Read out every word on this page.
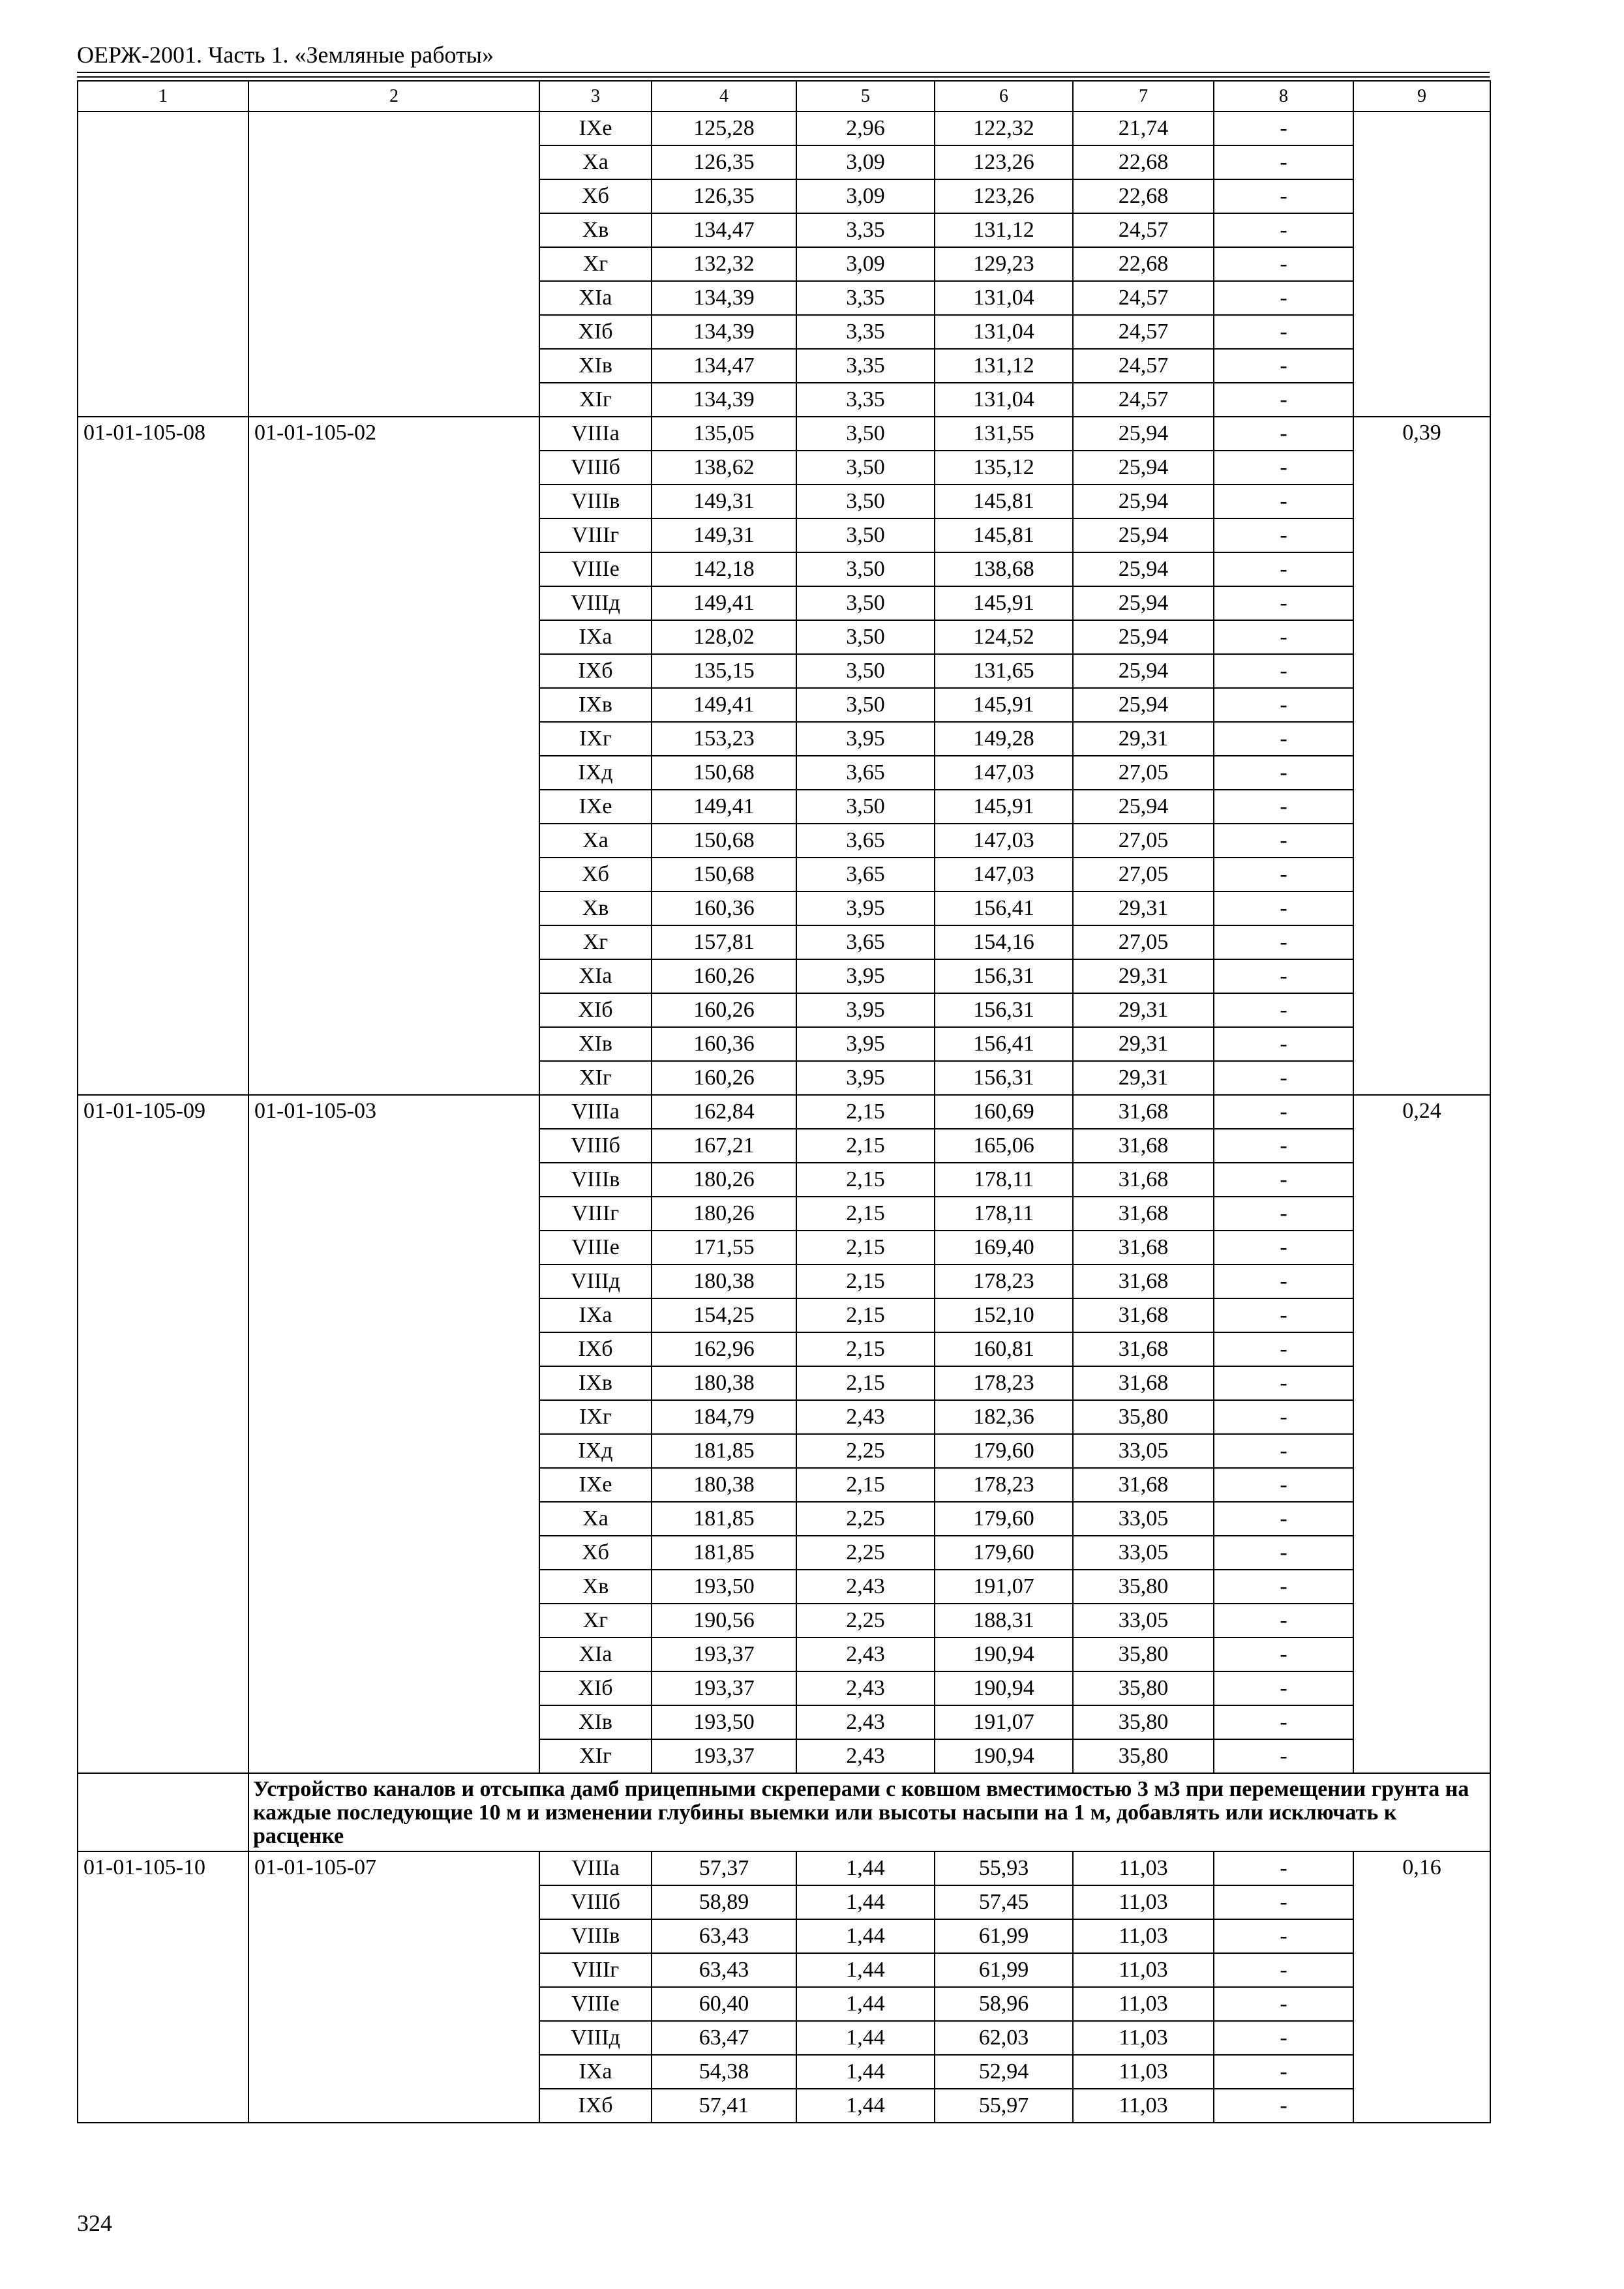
ОЕРЖ-2001. Часть 1. «Земляные работы»
1	2	3	4	5	6	7	8	9
		IXе	125,28	2,96	122,32	21,74	-	
		Xа	126,35	3,09	123,26	22,68	-	
		Xб	126,35	3,09	123,26	22,68	-	
		Xв	134,47	3,35	131,12	24,57	-	
		Xг	132,32	3,09	129,23	22,68	-	
		XIа	134,39	3,35	131,04	24,57	-	
		XIб	134,39	3,35	131,04	24,57	-	
		XIв	134,47	3,35	131,12	24,57	-	
		XIг	134,39	3,35	131,04	24,57	-	
01-01-105-08	01-01-105-02	VIIIа	135,05	3,50	131,55	25,94	-	0,39
		VIIIб	138,62	3,50	135,12	25,94	-	
		VIIIв	149,31	3,50	145,81	25,94	-	
		VIIIг	149,31	3,50	145,81	25,94	-	
		VIIIе	142,18	3,50	138,68	25,94	-	
		VIIIд	149,41	3,50	145,91	25,94	-	
		IXа	128,02	3,50	124,52	25,94	-	
		IXб	135,15	3,50	131,65	25,94	-	
		IXв	149,41	3,50	145,91	25,94	-	
		IXг	153,23	3,95	149,28	29,31	-	
		IXд	150,68	3,65	147,03	27,05	-	
		IXе	149,41	3,50	145,91	25,94	-	
		Xа	150,68	3,65	147,03	27,05	-	
		Xб	150,68	3,65	147,03	27,05	-	
		Xв	160,36	3,95	156,41	29,31	-	
		Xг	157,81	3,65	154,16	27,05	-	
		XIа	160,26	3,95	156,31	29,31	-	
		XIб	160,26	3,95	156,31	29,31	-	
		XIв	160,36	3,95	156,41	29,31	-	
		XIг	160,26	3,95	156,31	29,31	-	
01-01-105-09	01-01-105-03	VIIIа	162,84	2,15	160,69	31,68	-	0,24
		VIIIб	167,21	2,15	165,06	31,68	-	
		VIIIв	180,26	2,15	178,11	31,68	-	
		VIIIг	180,26	2,15	178,11	31,68	-	
		VIIIе	171,55	2,15	169,40	31,68	-	
		VIIIд	180,38	2,15	178,23	31,68	-	
		IXа	154,25	2,15	152,10	31,68	-	
		IXб	162,96	2,15	160,81	31,68	-	
		IXв	180,38	2,15	178,23	31,68	-	
		IXг	184,79	2,43	182,36	35,80	-	
		IXд	181,85	2,25	179,60	33,05	-	
		IXе	180,38	2,15	178,23	31,68	-	
		Xа	181,85	2,25	179,60	33,05	-	
		Xб	181,85	2,25	179,60	33,05	-	
		Xв	193,50	2,43	191,07	35,80	-	
		Xг	190,56	2,25	188,31	33,05	-	
		XIа	193,37	2,43	190,94	35,80	-	
		XIб	193,37	2,43	190,94	35,80	-	
		XIв	193,50	2,43	191,07	35,80	-	
		XIг	193,37	2,43	190,94	35,80	-	
	Устройство каналов и отсыпка дамб прицепными скреперами с ковшом вместимостью 3 м3 при перемещении грунта на каждые последующие 10 м и изменении глубины выемки или высоты насыпи на 1 м, добавлять или исключать к расценке							
01-01-105-10	01-01-105-07	VIIIа	57,37	1,44	55,93	11,03	-	0,16
		VIIIб	58,89	1,44	57,45	11,03	-	
		VIIIв	63,43	1,44	61,99	11,03	-	
		VIIIг	63,43	1,44	61,99	11,03	-	
		VIIIе	60,40	1,44	58,96	11,03	-	
		VIIIд	63,47	1,44	62,03	11,03	-	
		IXа	54,38	1,44	52,94	11,03	-	
		IXб	57,41	1,44	55,97	11,03	-	
324
